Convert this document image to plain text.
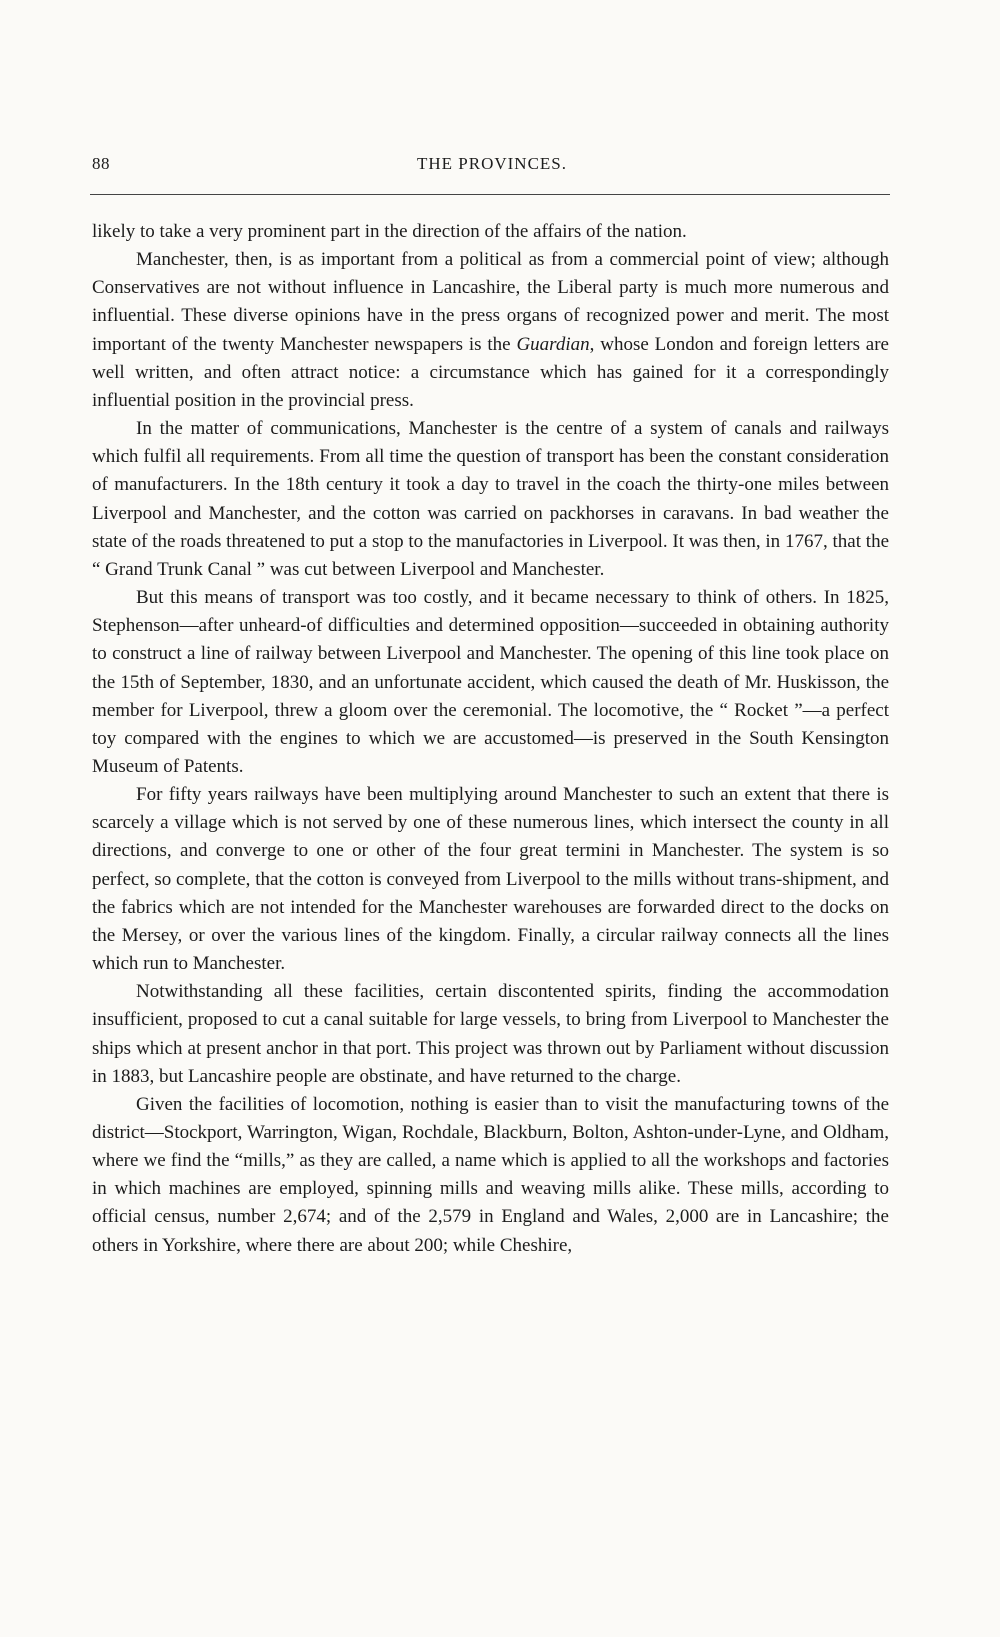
88	THE PROVINCES.

likely to take a very prominent part in the direction of the affairs of the nation.

Manchester, then, is as important from a political as from a commercial point of view; although Conservatives are not without influence in Lancashire, the Liberal party is much more numerous and influential. These diverse opinions have in the press organs of recognized power and merit. The most important of the twenty Manchester newspapers is the Guardian, whose London and foreign letters are well written, and often attract notice: a circumstance which has gained for it a correspondingly influential position in the provincial press.

In the matter of communications, Manchester is the centre of a system of canals and railways which fulfil all requirements. From all time the question of transport has been the constant consideration of manufacturers. In the 18th century it took a day to travel in the coach the thirty-one miles between Liverpool and Manchester, and the cotton was carried on packhorses in caravans. In bad weather the state of the roads threatened to put a stop to the manufactories in Liverpool. It was then, in 1767, that the “ Grand Trunk Canal ” was cut between Liverpool and Manchester.

But this means of transport was too costly, and it became necessary to think of others. In 1825, Stephenson—after unheard-of difficulties and determined opposition—succeeded in obtaining authority to construct a line of railway between Liverpool and Manchester. The opening of this line took place on the 15th of September, 1830, and an unfortunate accident, which caused the death of Mr. Huskisson, the member for Liverpool, threw a gloom over the ceremonial. The locomotive, the “ Rocket ”—a perfect toy compared with the engines to which we are accustomed—is preserved in the South Kensington Museum of Patents.

For fifty years railways have been multiplying around Manchester to such an extent that there is scarcely a village which is not served by one of these numerous lines, which intersect the county in all directions, and converge to one or other of the four great termini in Manchester. The system is so perfect, so complete, that the cotton is conveyed from Liverpool to the mills without trans-shipment, and the fabrics which are not intended for the Manchester warehouses are forwarded direct to the docks on the Mersey, or over the various lines of the kingdom. Finally, a circular railway connects all the lines which run to Manchester.

Notwithstanding all these facilities, certain discontented spirits, finding the accommodation insufficient, proposed to cut a canal suitable for large vessels, to bring from Liverpool to Manchester the ships which at present anchor in that port. This project was thrown out by Parliament without discussion in 1883, but Lancashire people are obstinate, and have returned to the charge.

Given the facilities of locomotion, nothing is easier than to visit the manufacturing towns of the district—Stockport, Warrington, Wigan, Rochdale, Blackburn, Bolton, Ashton-under-Lyne, and Oldham, where we find the “mills,” as they are called, a name which is applied to all the workshops and factories in which machines are employed, spinning mills and weaving mills alike. These mills, according to official census, number 2,674; and of the 2,579 in England and Wales, 2,000 are in Lancashire; the others in Yorkshire, where there are about 200; while Cheshire,
